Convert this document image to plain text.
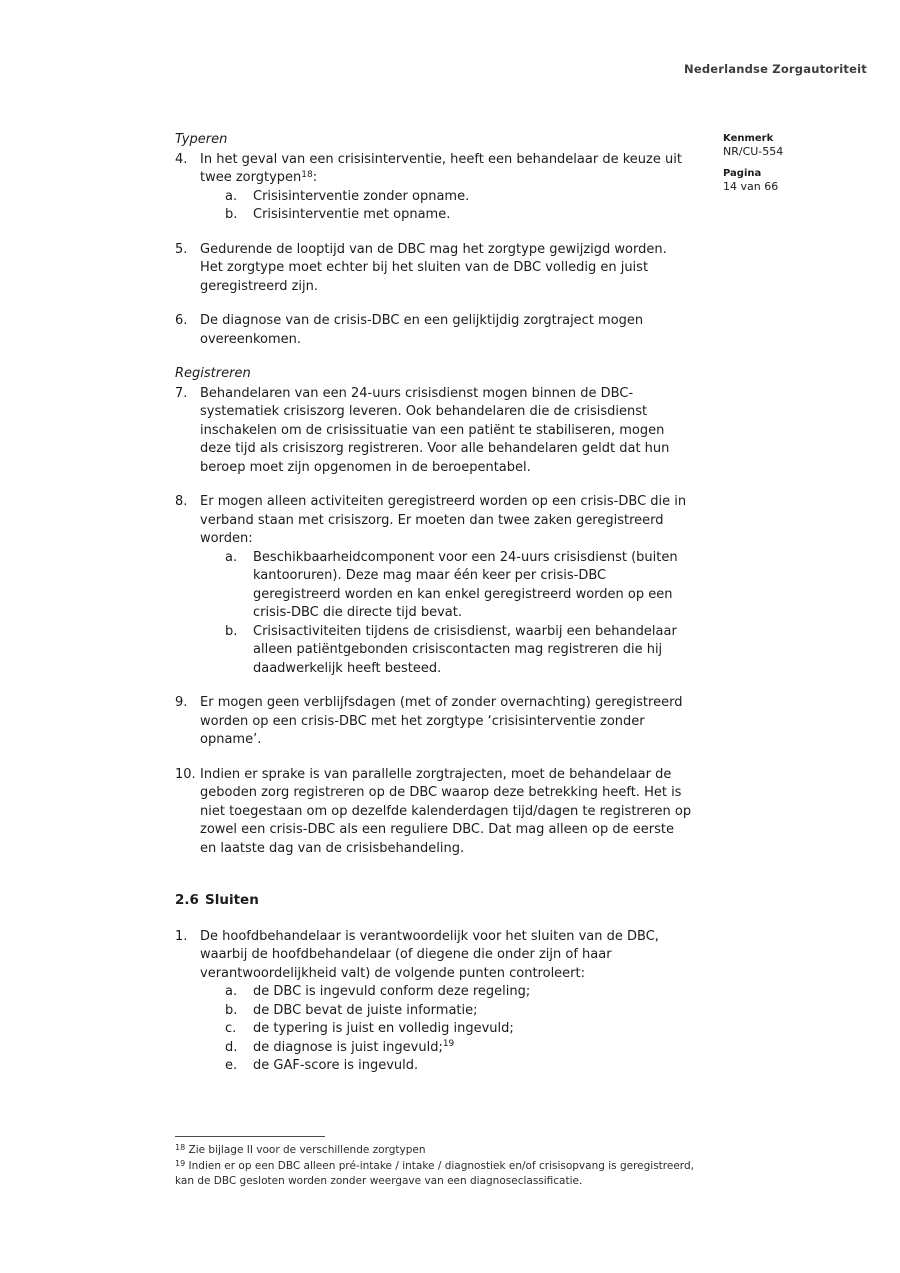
Nederlandse Zorgautoriteit
Kenmerk
NR/CU-554
Pagina
14 van 66
Typeren
4. In het geval van een crisisinterventie, heeft een behandelaar de keuze uit twee zorgtypen$^{18}$:
a.	Crisisinterventie zonder opname.
b.	Crisisinterventie met opname.
5. Gedurende de looptijd van de DBC mag het zorgtype gewijzigd worden. Het zorgtype moet echter bij het sluiten van de DBC volledig en juist geregistreerd zijn.
6. De diagnose van de crisis-DBC en een gelijktijdig zorgtraject mogen overeenkomen.
Registreren
7. Behandelaren van een 24-uurs crisisdienst mogen binnen de DBC-systematiek crisiszorg leveren. Ook behandelaren die de crisisdienst inschakelen om de crisissituatie van een patiënt te stabiliseren, mogen deze tijd als crisiszorg registreren. Voor alle behandelaren geldt dat hun beroep moet zijn opgenomen in de beroepentabel.
8. Er mogen alleen activiteiten geregistreerd worden op een crisis-DBC die in verband staan met crisiszorg. Er moeten dan twee zaken geregistreerd worden:
a.	Beschikbaarheidcomponent voor een 24-uurs crisisdienst (buiten kantooruren). Deze mag maar één keer per crisis-DBC geregistreerd worden en kan enkel geregistreerd worden op een crisis-DBC die directe tijd bevat.
b.	Crisisactiviteiten tijdens de crisisdienst, waarbij een behandelaar alleen patiëntgebonden crisiscontacten mag registreren die hij daadwerkelijk heeft besteed.
9. Er mogen geen verblijfsdagen (met of zonder overnachting) geregistreerd worden op een crisis-DBC met het zorgtype ‘crisisinterventie zonder opname’.
10. Indien er sprake is van parallelle zorgtrajecten, moet de behandelaar de geboden zorg registreren op de DBC waarop deze betrekking heeft. Het is niet toegestaan om op dezelfde kalenderdagen tijd/dagen te registreren op zowel een crisis-DBC als een reguliere DBC. Dat mag alleen op de eerste en laatste dag van de crisisbehandeling.
2.6 Sluiten
1. De hoofdbehandelaar is verantwoordelijk voor het sluiten van de DBC, waarbij de hoofdbehandelaar (of diegene die onder zijn of haar verantwoordelijkheid valt) de volgende punten controleert:
a.	de DBC is ingevuld conform deze regeling;
b.	de DBC bevat de juiste informatie;
c.	de typering is juist en volledig ingevuld;
d.	de diagnose is juist ingevuld;$^{19}$
e.	de GAF-score is ingevuld.
$^{18}$ Zie bijlage II voor de verschillende zorgtypen
$^{19}$ Indien er op een DBC alleen pré-intake / intake / diagnostiek en/of crisisopvang is geregistreerd, kan de DBC gesloten worden zonder weergave van een diagnoseclassificatie.
